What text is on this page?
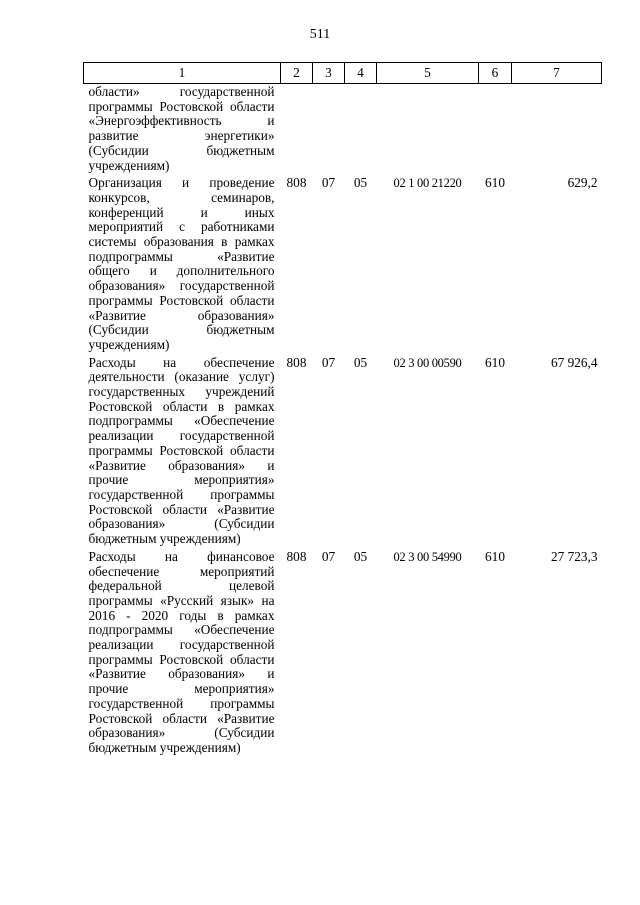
511
1	2	3	4	5	6	7
области» государственной программы Ростовской области «Энергоэффективность и развитие энергетики» (Субсидии бюджетным учреждениям)						
Организация и проведение конкурсов, семинаров, конференций и иных мероприятий с работниками системы образования в рамках подпрограммы «Развитие общего и дополнительного образования» государственной программы Ростовской области «Развитие образования» (Субсидии бюджетным учреждениям)	808	07	05	02 1 00 21220	610	629,2
Расходы на обеспечение деятельности (оказание услуг) государственных учреждений Ростовской области в рамках подпрограммы «Обеспечение реализации государственной программы Ростовской области «Развитие образования» и прочие мероприятия» государственной программы Ростовской области «Развитие образования» (Субсидии бюджетным учреждениям)	808	07	05	02 3 00 00590	610	67 926,4
Расходы на финансовое обеспечение мероприятий федеральной целевой программы «Русский язык» на 2016 - 2020 годы в рамках подпрограммы «Обеспечение реализации государственной программы Ростовской области «Развитие образования» и прочие мероприятия» государственной программы Ростовской области «Развитие образования» (Субсидии бюджетным учреждениям)	808	07	05	02 3 00 54990	610	27 723,3
